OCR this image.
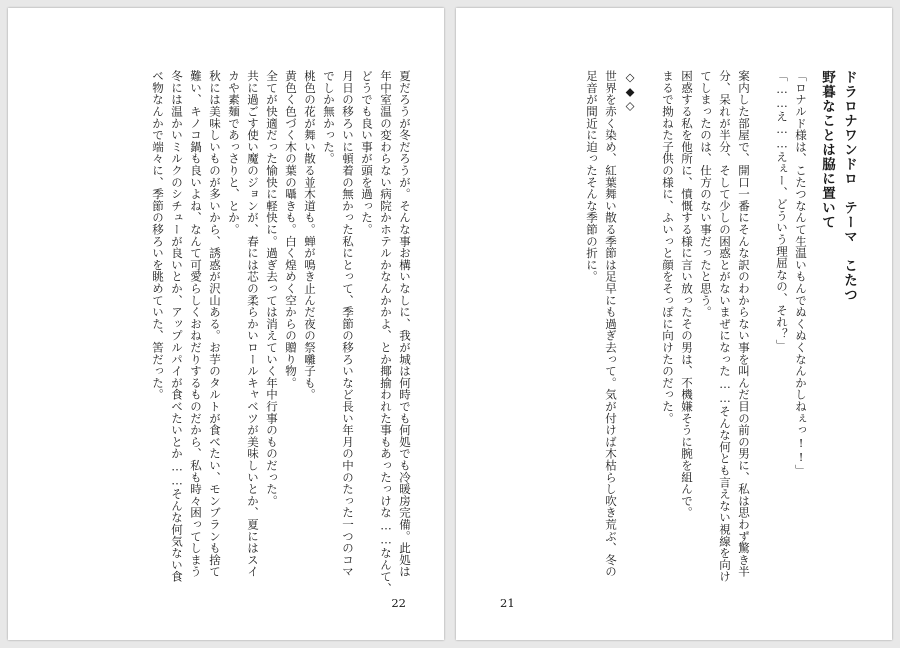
夏だろうが冬だろうが。そんな事お構いなしに、我が城は何時でも何処でも冷暖房完備。此処は
年中室温の変わらない病院かホテルかなんかかよ、とか揶揄われた事もあったっけな……なんて、
どうでも良い事が頭を過った。
月日の移ろいに頓着の無かった私にとって、季節の移ろいなど長い年月の中のたった一つのコマ
でしか無かった。
桃色の花が舞い散る並木道も。蝉が鳴き止んだ夜の祭囃子も。
黄色く色づく木の葉の囁きも。白く煌めく空からの贈り物。
全てが快適だった愉快に軽快に。過ぎ去っては消えていく年中行事のものだった。
共に過ごす使い魔のジョンが、春には芯の柔らかいロールキャベツが美味しいとか、夏にはスイ
カや素麺であっさりと、とか。
秋には美味しいものが多いから、誘惑が沢山ある。お芋のタルトが食べたい、モンブランも捨て
難い、キノコ鍋も良いよね、なんて可愛らしくおねだりするものだから、私も時々困ってしまう
冬には温かいミルクのシチューが良いとか、アップルパイが食べたいとか……そんな何気ない食
べ物なんかで端々に、季節の移ろいを眺めていた、筈だった。
22
ドラロナワンドロ　テーマ　こたつ
野暮なことは脇に置いて
「ロナルド様は、こたつなんて生温いもんでぬくぬくなんかしねぇっ!!」
「……え……えぇー、どういう理屈なの、それ？」

案内した部屋で、開口一番にそんな訳のわからない事を叫んだ目の前の男に、私は思わず驚き半
分、呆れが半分、そして少しの困惑とがないまぜになった……そんな何とも言えない視線を向け
てしまったのは、仕方のない事だったと思う。
困惑する私を他所に、憤慨する様に言い放ったその男は、不機嫌そうに腕を組んで。
まるで拗ねた子供の様に、ふいっと顔をそっぽに向けたのだった。

◇◆◇
世界を赤く染め、紅葉舞い散る季節は足早にも過ぎ去って。気が付けば木枯らし吹き荒ぶ、冬の
足音が間近に迫ったそんな季節の折に。
21
